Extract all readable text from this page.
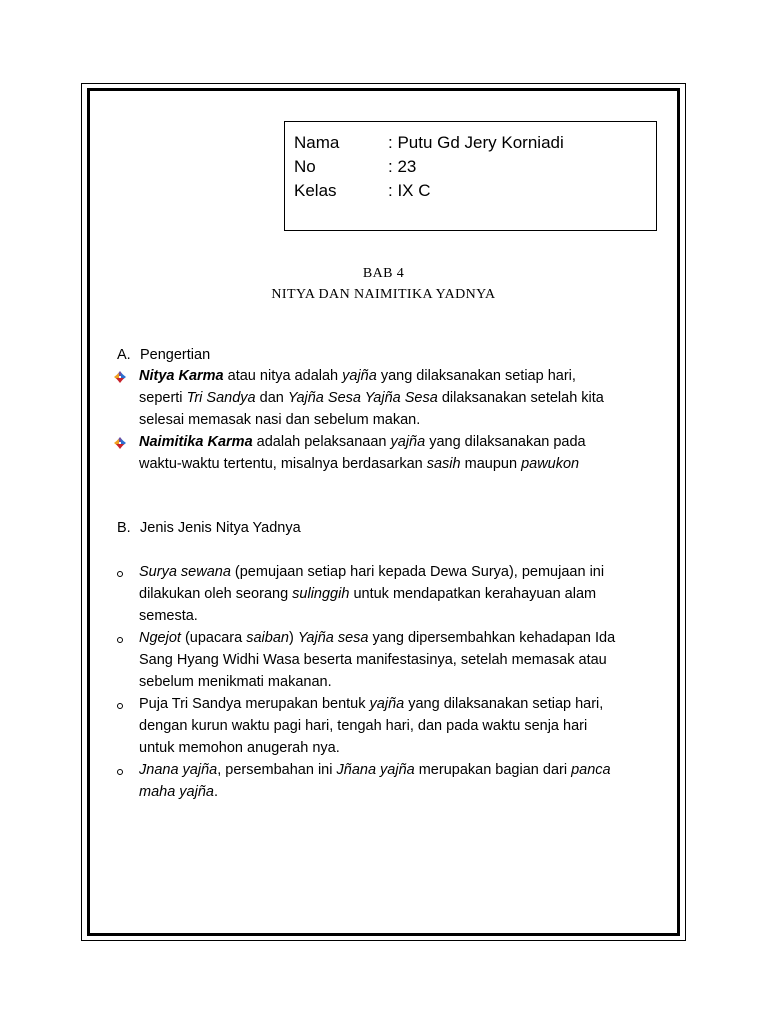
Nama	: Putu Gd Jery Korniadi
No	: 23
Kelas	: IX C
BAB 4
NITYA DAN NAIMITIKA YADNYA
A. Pengertian
Nitya Karma atau nitya adalah yajña yang dilaksanakan setiap hari,
seperti Tri Sandya dan Yajña Sesa Yajña Sesa dilaksanakan setelah kita
selesai memasak nasi dan sebelum makan.
Naimitika Karma adalah pelaksanaan yajña yang dilaksanakan pada
waktu-waktu tertentu, misalnya berdasarkan sasih maupun pawukon
B. Jenis Jenis Nitya Yadnya
Surya sewana (pemujaan setiap hari kepada Dewa Surya), pemujaan ini
dilakukan oleh seorang sulinggih untuk mendapatkan kerahayuan alam
semesta.
Ngejot (upacara saiban) Yajña sesa yang dipersembahkan kehadapan Ida
Sang Hyang Widhi Wasa beserta manifestasinya, setelah memasak atau
sebelum menikmati makanan.
Puja Tri Sandya merupakan bentuk yajña yang dilaksanakan setiap hari,
dengan kurun waktu pagi hari, tengah hari, dan pada waktu senja hari
untuk memohon anugerah nya.
Jnana yajña, persembahan ini Jñana yajña merupakan bagian dari panca
maha yajña.
